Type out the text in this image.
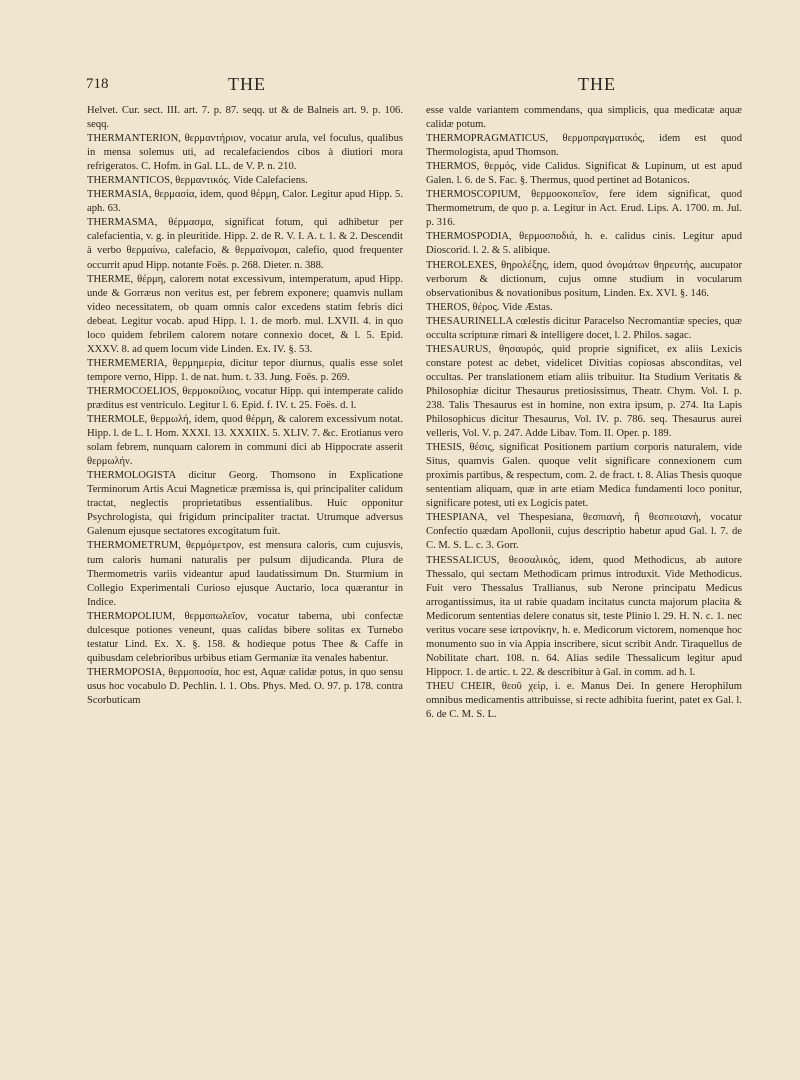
718	THE	THE

Helvet. Cur. sect. III. art. 7. p. 87. seqq. ut & de Balneis art. 9. p. 106. seqq.

THERMANTERION, θερμαντήριον, vocatur arula, vel foculus, qualibus in mensa solemus uti, ad recalefaciendos cibos à diutiori mora refrigeratos. C. Hofm. in Gal. LL. de V. P. n. 210.

THERMANTICOS, θερμαντικός. Vide Calefaciens.

THERMASIA, θερμασία, idem, quod θέρμη, Calor. Legitur apud Hipp. 5. aph. 63.

THERMASMA, θέρμασμα, significat fotum, qui adhibetur per calefacientia, v. g. in pleuritide. Hipp. 2. de R. V. I. A. t. 1. & 2. Descendit à verbo θερμαίνω, calefacio, & θερμαίνομαι, calefio, quod frequenter occurrit apud Hipp. notante Foës. p. 268. Dieter. n. 388.

THERME, θέρμη, calorem notat excessivum, intemperatum, apud Hipp. unde & Gorræus non veritus est, per febrem exponere; quamvis nullam video necessitatem, ob quam omnis calor excedens statim febris dici debeat. Legitur vocab. apud Hipp. l. 1. de morb. mul. LXVII. 4. in quo loco quidem febrilem calorem notare connexio docet, & l. 5. Epid. XXXV. 8. ad quem locum vide Linden. Ex. IV. §. 53.

THERMEMERIA, θερμημερία, dicitur tepor diurnus, qualis esse solet tempore verno, Hipp. 1. de nat. hum. t. 33. Jung. Foës. p. 269.

THERMOCOELIOS, θερμοκοίλιος, vocatur Hipp. qui intemperate calido præditus est ventriculo. Legitur l. 6. Epid. f. IV. t. 25. Foës. d. l.

THERMOLE, θερμωλή, idem, quod θέρμη, & calorem excessivum notat. Hipp. l. de L. I. Hom. XXXI. 13. XXXIIX. 5. XLIV. 7. &c. Erotianus vero solam febrem, nunquam calorem in communi dici ab Hippocrate asserit θερμωλήν.

THERMOLOGISTA dicitur Georg. Thomsono in Explicatione Terminorum Artis Acui Magneticæ præmissa is, qui principaliter calidum tractat, neglectis proprietatibus essentialibus. Huic opponitur Psychrologista, qui frigidum principaliter tractat. Utrumque adversus Galenum ejusque sectatores excogitatum fuit.

THERMOMETRUM, θερμόμετρον, est mensura caloris, cum cujusvis, tum caloris humani naturalis per pulsum dijudicanda. Plura de Thermometris variis videantur apud laudatissimum Dn. Sturmium in Collegio Experimentali Curioso ejusque Auctario, loca quærantur in Indice.

THERMOPOLIUM, θερμοπωλεῖον, vocatur taberna, ubi confectæ dulcesque potiones veneunt, quas calidas bibere solitas ex Turnebo testatur Lind. Ex. X. §. 158. & hodieque potus Thee & Caffe in quibusdam celebrioribus urbibus etiam Germaniæ ita venales habentur.

THERMOPOSIA, θερμοποσία, hoc est, Aquæ calidæ potus, in quo sensu usus hoc vocabulo D. Pechlin. l. 1. Obs. Phys. Med. O. 97. p. 178. contra Scorbuticam

esse valde variantem commendans, qua simplicis, qua medicatæ aquæ calidæ potum.

THERMOPRAGMATICUS, θερμοπραγματικός, idem est quod Thermologista, apud Thomson.

THERMOS, θερμός, vide Calidus. Significat & Lupinum, ut est apud Galen. l. 6. de S. Fac. §. Thermus, quod pertinet ad Botanicos.

THERMOSCOPIUM, θερμοσκοπεῖον, fere idem significat, quod Thermometrum, de quo p. a. Legitur in Act. Erud. Lips. A. 1700. m. Jul. p. 316.

THERMOSPODIA, θερμοσποδιά, h. e. calidus cinis. Legitur apud Dioscorid. l. 2. & 5. alibique.

THEROLEXES, θηρολέξης, idem, quod ὀνομάτων θηρευτής, aucupator verborum & dictionum, cujus omne studium in vocularum observationibus & novationibus positum, Linden. Ex. XVI. §. 146.

THEROS, θέρος. Vide Æstas.

THESAURINELLA cœlestis dicitur Paracelso Necromantiæ species, quæ occulta scripturæ rimari & intelligere docet, l. 2. Philos. sagac.

THESAURUS, θησαυρός, quid proprie significet, ex aliis Lexicis constare potest ac debet, videlicet Divitias copiosas absconditas, vel occultas. Per translationem etiam aliis tribuitur. Ita Studium Veritatis & Philosophiæ dicitur Thesaurus pretiosissimus, Theatr. Chym. Vol. I. p. 238. Talis Thesaurus est in homine, non extra ipsum, p. 274. Ita Lapis Philosophicus dicitur Thesaurus, Vol. IV. p. 786. seq. Thesaurus aurei velleris, Vol. V. p. 247. Adde Libav. Tom. II. Oper. p. 189.

THESIS, θέσις, significat Positionem partium corporis naturalem, vide Situs, quamvis Galen. quoque velit significare connexionem cum proximis partibus, & respectum, com. 2. de fract. t. 8. Alias Thesis quoque sententiam aliquam, quæ in arte etiam Medica fundamenti loco ponitur, significare potest, uti ex Logicis patet.

THESPIANA, vel Thespesiana, θεσπιανὴ, ἢ θεσπεσιανὴ, vocatur Confectio quædam Apollonii, cujus descriptio habetur apud Gal. l. 7. de C. M. S. L. c. 3. Gorr.

THESSALICUS, θεσσαλικός, idem, quod Methodicus, ab autore Thessalo, qui sectam Methodicam primus introduxit. Vide Methodicus. Fuit vero Thessalus Trallianus, sub Nerone principatu Medicus arrogantissimus, ita ut rabie quadam incitatus cuncta majorum placita & Medicorum sententias delere conatus sit, teste Plinio l. 29. H. N. c. 1. nec veritus vocare sese ἰατρονίκην, h. e. Medicorum victorem, nomenque hoc monumento suo in via Appia inscribere, sicut scribit Andr. Tiraquellus de Nobilitate chart. 108. n. 64. Alias sedile Thessalicum legitur apud Hippocr. 1. de artic. t. 22. & describitur à Gal. in comm. ad h. l.

THEU CHEIR, θεοῦ χεὶρ, i. e. Manus Dei. In genere Herophilum omnibus medicamentis attribuisse, si recte adhibita fuerint, patet ex Gal. l. 6. de C. M. S. L.
